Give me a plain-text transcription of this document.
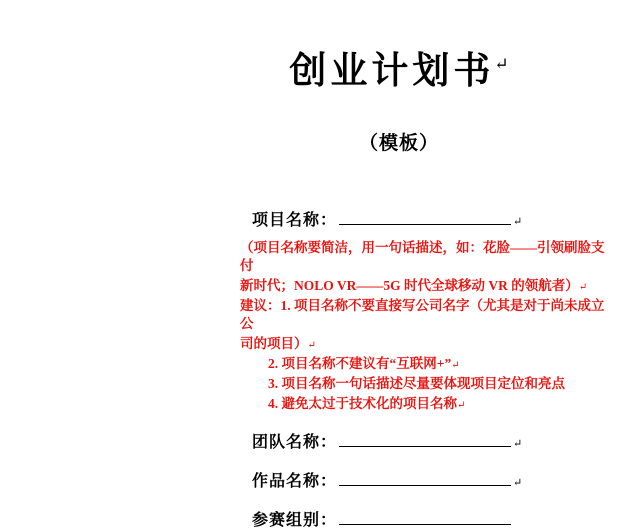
创业计划书↵
（模板）
项目名称：	↵
（项目名称要简洁，用一句话描述，如：花脸——引领刷脸支付
新时代；NOLO VR——5G 时代全球移动 VR 的领航者）↵
建议：1. 项目名称不要直接写公司名字（尤其是对于尚未成立公
司的项目）↵
2. 项目名称不建议有“互联网+”↵
3. 项目名称一句话描述尽量要体现项目定位和亮点
4. 避免太过于技术化的项目名称↵
团队名称：	↵
作品名称：	↵
参赛组别：
